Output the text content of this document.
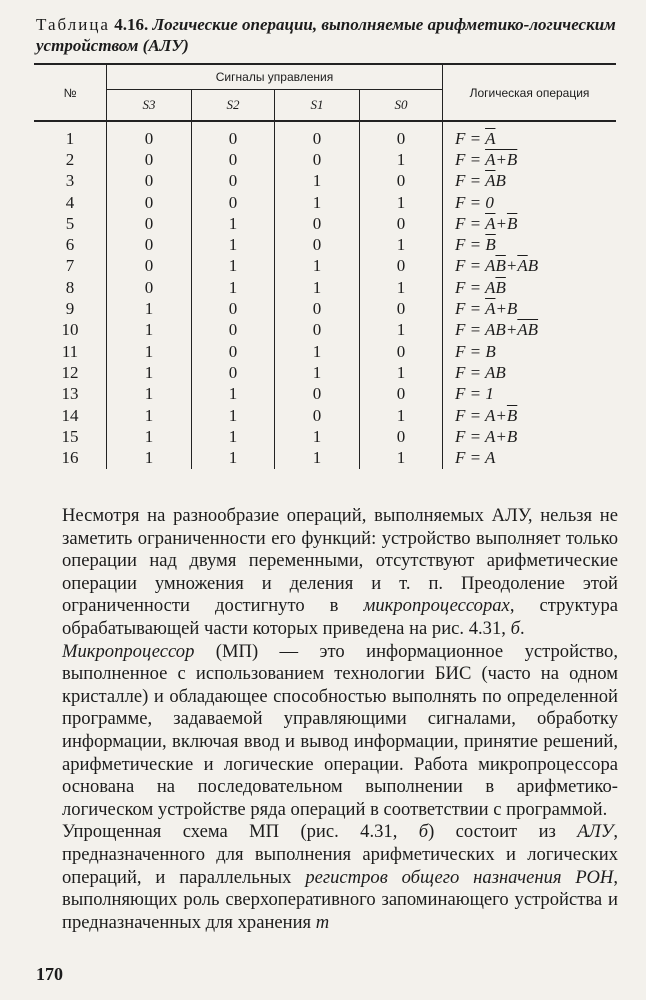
Таблица 4.16. Логические операции, выполняемые арифметико-логическим устройством (АЛУ)
№	Сигналы управления				Логическая операция
	S3	S2	S1	S0	
1	0	0	0	0	$F = \overline{A}$
2	0	0	0	1	F = A+B
3	0	0	1	0	$F = \overline{A}B$
4	0	0	1	1	F = 0
5	0	1	0	0	$F = \overline{A}+\overline{B}$
6	0	1	0	1	$F = \overline{B}$
7	0	1	1	0	$F = A\overline{B}+\overline{A}B$
8	0	1	1	1	$F = A\overline{B}$
9	1	0	0	0	$F = \overline{A}+B$
10	1	0	0	1	$F = AB+\overline{AB}$
11	1	0	1	0	F = B
12	1	0	1	1	F = AB
13	1	1	0	0	F = 1
14	1	1	0	1	$F = A+\overline{B}$
15	1	1	1	0	F = A+B
16	1	1	1	1	F = A

Несмотря на разнообразие операций, выполняемых АЛУ, нельзя не заметить ограниченности его функций: устройство выполняет только операции над двумя переменными, отсутствуют арифметические операции умножения и деления и т. п. Преодоление этой ограниченности достигнуто в микропроцессорах, структура обрабатывающей части которых приведена на рис. 4.31, б.

Микропроцессор (МП) — это информационное устройство, выполненное с использованием технологии БИС (часто на одном кристалле) и обладающее способностью выполнять по определенной программе, задаваемой управляющими сигналами, обработку информации, включая ввод и вывод информации, принятие решений, арифметические и логические операции. Работа микропроцессора основана на последовательном выполнении в арифметико-логическом устройстве ряда операций в соответствии с программой.

Упрощенная схема МП (рис. 4.31, б) состоит из АЛУ, предназначенного для выполнения арифметических и логических операций, и параллельных регистров общего назначения РОН, выполняющих роль сверхоперативного запоминающего устройства и предназначенных для хранения m

170
